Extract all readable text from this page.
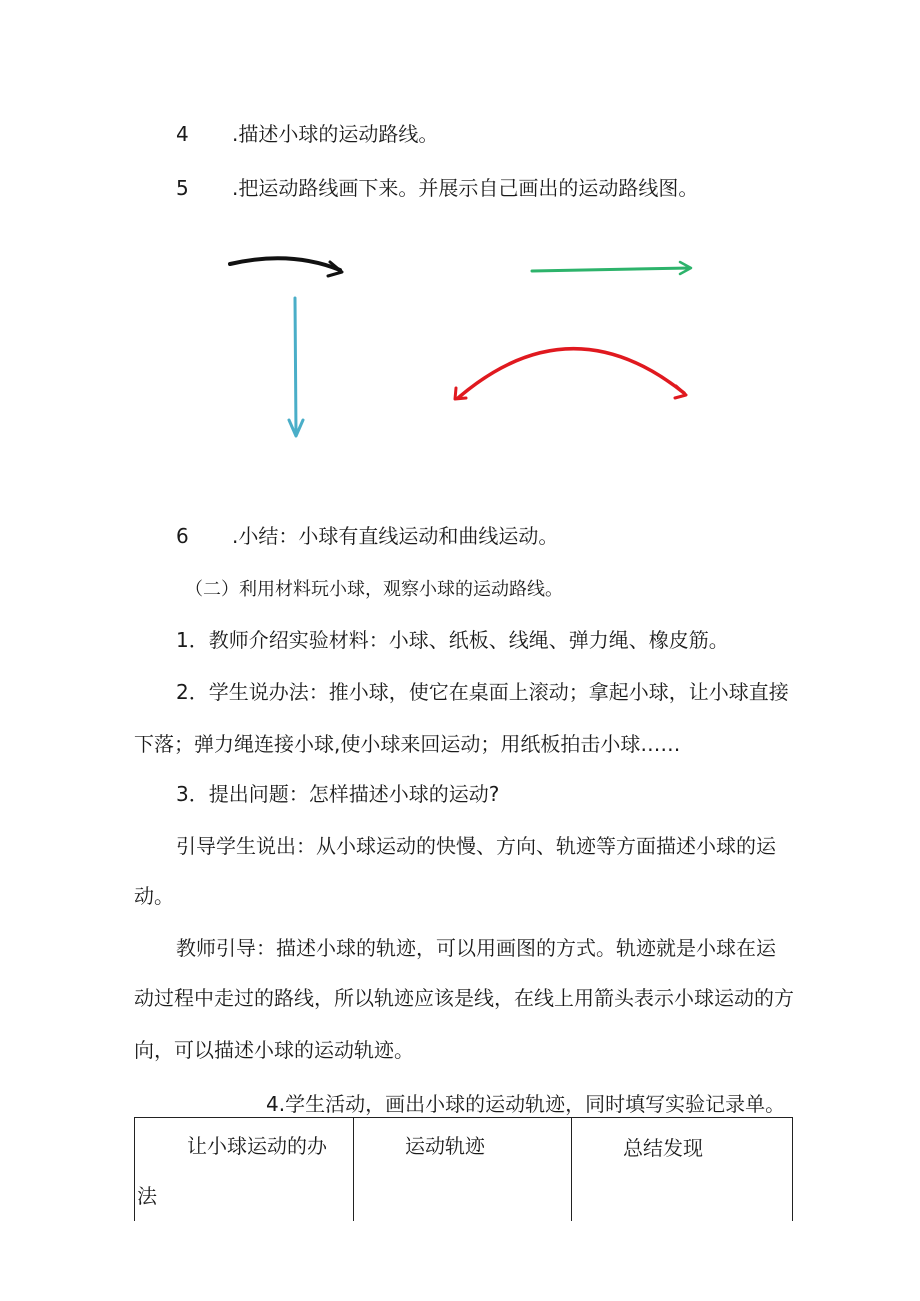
4 .描述小球的运动路线。
5 .把运动路线画下来。并展示自己画出的运动路线图。
6 .小结：小球有直线运动和曲线运动。
（二）利用材料玩小球，观察小球的运动路线。
1．教师介绍实验材料：小球、纸板、线绳、弹力绳、橡皮筋。
2．学生说办法：推小球，使它在桌面上滚动；拿起小球，让小球直接
下落；弹力绳连接小球,使小球来回运动；用纸板拍击小球……
3．提出问题：怎样描述小球的运动?
引导学生说出：从小球运动的快慢、方向、轨迹等方面描述小球的运
动。
教师引导：描述小球的轨迹，可以用画图的方式。轨迹就是小球在运
动过程中走过的路线，所以轨迹应该是线，在线上用箭头表示小球运动的方
向，可以描述小球的运动轨迹。
4.学生活动，画出小球的运动轨迹，同时填写实验记录单。
让小球运动的办
法
运动轨迹	总结发现
